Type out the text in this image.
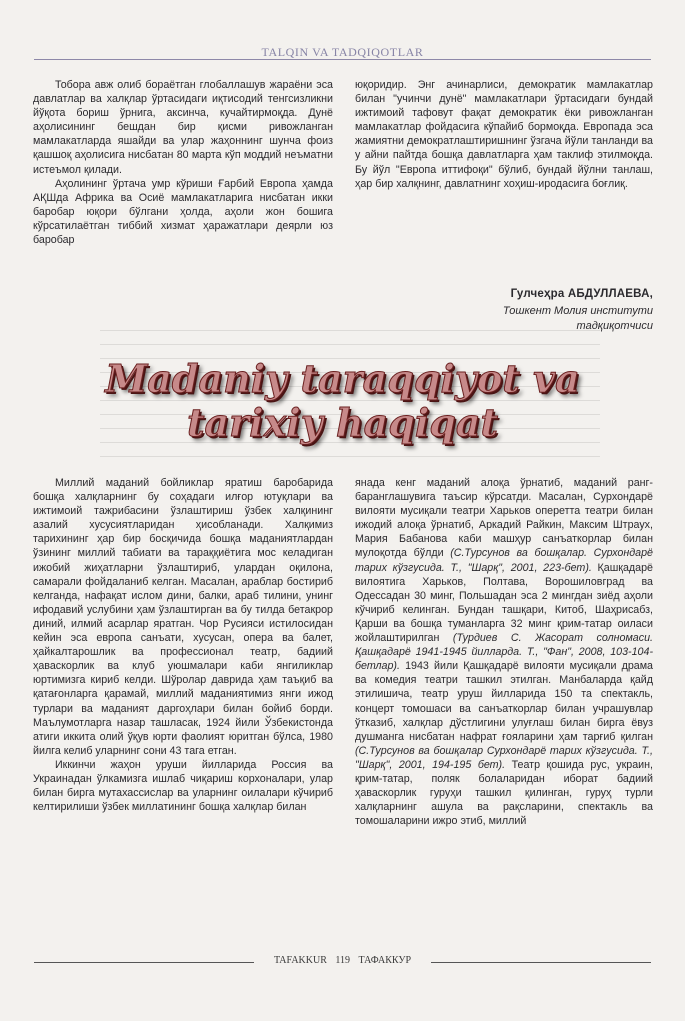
TALQIN VA TADQIQOTLAR

Тобора авж олиб бораётган глобаллашув жараёни эса давлатлар ва халқлар ўртасидаги иқтисодий тенгсизликни йўқота бориш ўрнига, аксинча, кучайтирмоқда. Дунё аҳолисининг бешдан бир қисми ривожланган мамлакатларда яшайди ва улар жаҳоннинг шунча фоиз қашшоқ аҳолисига нисбатан 80 марта кўп моддий неъматни истеъмол қилади.

Аҳолининг ўртача умр кўриши Ғарбий Европа ҳамда АҚШда Африка ва Осиё мамлакатларига нисбатан икки баробар юқори бўлгани ҳолда, аҳоли жон бошига кўрсатилаётган тиббий хизмат ҳаражатлари деярли юз баробар

юқоридир. Энг ачинарлиси, демократик мамлакатлар билан "учинчи дунё" мамлакатлари ўртасидаги бундай ижтимоий тафовут фақат демократик ёки ривожланган мамлакатлар фойдасига кўпайиб бормоқда. Европада эса жамиятни демократлаштиришнинг ўзгача йўли танланди ва у айни пайтда бошқа давлатларга ҳам таклиф этилмоқда. Бу йўл "Европа иттифоқи" бўлиб, бундай йўлни танлаш, ҳар бир халқнинг, давлатнинг хоҳиш-иродасига боғлиқ.

Гулчеҳра АБДУЛЛАЕВА,
Тошкент Молия институти
тадқиқотчиси
Madaniy taraqqiyot va
tarixiy haqiqat

Миллий маданий бойликлар яратиш баробарида бошқа халқларнинг бу соҳадаги илғор ютуқлари ва ижтимоий тажрибасини ўзлаштириш ўзбек халқининг азалий хусусиятларидан ҳисобланади. Халқимиз тарихининг ҳар бир босқичида бошқа маданиятлардан ўзининг миллий табиати ва тараққиётига мос келадиган ижобий жиҳатларни ўзлаштириб, улардан оқилона, самарали фойдаланиб келган. Масалан, араблар бостириб келганда, нафақат ислом дини, балки, араб тилини, унинг ифодавий услубини ҳам ўзлаштирган ва бу тилда бетакрор диний, илмий асарлар яратган. Чор Русияси истилосидан кейин эса европа санъати, хусусан, опера ва балет, ҳайкалтарошлик ва профессионал театр, бадиий ҳаваскорлик ва клуб уюшмалари каби янгиликлар юртимизга кириб келди. Шўролар даврида ҳам таъқиб ва қатағонларга қарамай, миллий маданиятимиз янги ижод турлари ва маданият даргоҳлари билан бойиб борди. Маълумотларга назар ташласак, 1924 йили Ўзбекистонда атиги иккита олий ўқув юрти фаолият юритган бўлса, 1980 йилга келиб уларнинг сони 43 тага етган.

Иккинчи жаҳон уруши йилларида Россия ва Украинадан ўлкамизга ишлаб чиқариш корхоналари, улар билан бирга мутахассислар ва уларнинг оилалари кўчириб келтирилиши ўзбек миллатининг бошқа халқлар билан

янада кенг маданий алоқа ўрнатиб, маданий ранг-баранглашувига таъсир кўрсатди. Масалан, Сурхондарё вилояти мусиқали театри Харьков оперетта театри билан ижодий алоқа ўрнатиб, Аркадий Райкин, Максим Штраух, Мария Бабанова каби машҳур санъаткорлар билан мулоқотда бўлди (С.Турсунов ва бошқалар. Сурхондарё тарих кўзгусида. Т., "Шарқ", 2001, 223-бет). Қашқадарё вилоятига Харьков, Полтава, Ворошиловград ва Одессадан 30 минг, Польшадан эса 2 мингдан зиёд аҳоли кўчириб келинган. Бундан ташқари, Китоб, Шаҳрисабз, Қарши ва бошқа туманларга 32 минг қрим-татар оиласи жойлаштирилган (Турдиев С. Жасорат солномаси. Қашқадарё 1941-1945 йилларда. Т., "Фан", 2008, 103-104-бетлар). 1943 йили Қашқадарё вилояти мусиқали драма ва комедия театри ташкил этилган. Манбаларда қайд этилишича, театр уруш йилларида 150 та спектакль, концерт томошаси ва санъаткорлар билан учрашувлар ўтказиб, халқлар дўстлигини улуғлаш билан бирга ёвуз душманга нисбатан нафрат ғояларини ҳам тарғиб қилган (С.Турсунов ва бошқалар Сурхондарё тарих кўзгусида. Т., "Шарқ", 2001, 194-195 бет). Театр қошида рус, украин, қрим-татар, поляк болаларидан иборат бадиий ҳаваскорлик гуруҳи ташкил қилинган, гуруҳ турли халқларнинг ашула ва рақсларини, спектакль ва томошаларини ижро этиб, миллий

TAFAKKUR 119 ТАФАККУР
